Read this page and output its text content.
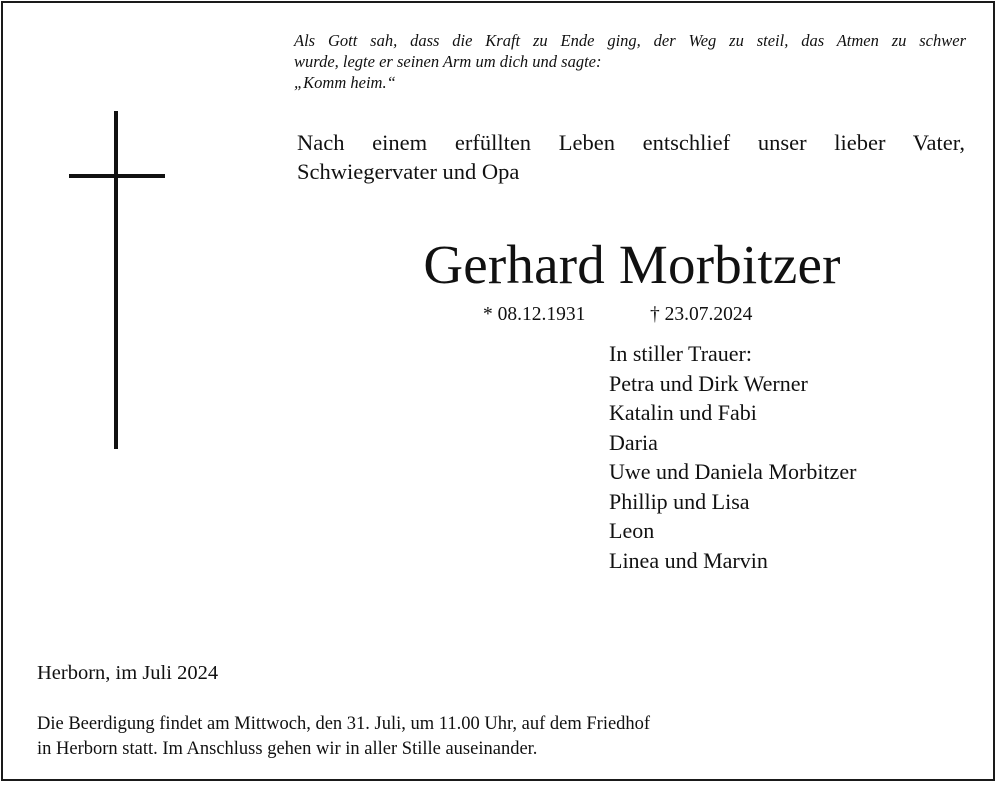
Als Gott sah, dass die Kraft zu Ende ging, der Weg zu steil, das Atmen zu schwer
wurde, legte er seinen Arm um dich und sagte:
„Komm heim.“
Nach einem erfüllten Leben entschlief unser lieber Vater,
Schwiegervater und Opa
Gerhard Morbitzer
* 08.12.1931	† 23.07.2024
In stiller Trauer:
Petra und Dirk Werner
Katalin und Fabi
Daria
Uwe und Daniela Morbitzer
Phillip und Lisa
Leon
Linea und Marvin
Herborn, im Juli 2024
Die Beerdigung findet am Mittwoch, den 31. Juli, um 11.00 Uhr, auf dem Friedhof
in Herborn statt. Im Anschluss gehen wir in aller Stille auseinander.
